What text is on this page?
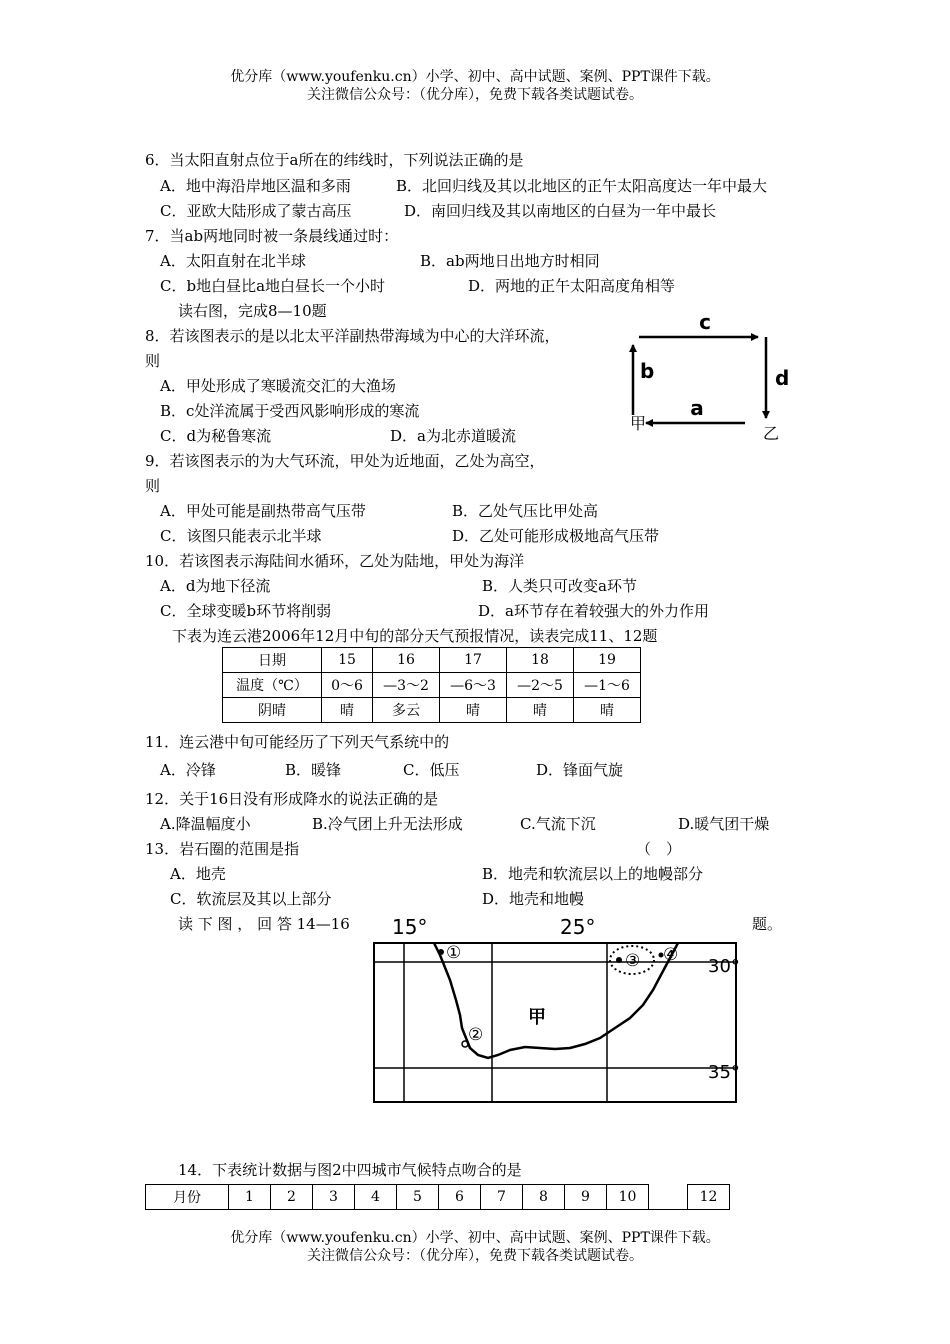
优分库（www.youfenku.cn）小学、初中、高中试题、案例、PPT课件下载。
关注微信公众号：（优分库），免费下载各类试题试卷。
6．当太阳直射点位于a所在的纬线时，下列说法正确的是
A．地中海沿岸地区温和多雨	B．北回归线及其以北地区的正午太阳高度达一年中最大
C．亚欧大陆形成了蒙古高压	D．南回归线及其以南地区的白昼为一年中最长
7．当ab两地同时被一条晨线通过时：
A．太阳直射在北半球	B．ab两地日出地方时相同
C．b地白昼比a地白昼长一个小时	D．两地的正午太阳高度角相等
读右图，完成8—10题
8．若该图表示的是以北太平洋副热带海域为中心的大洋环流，
则
A．甲处形成了寒暖流交汇的大渔场
B．c处洋流属于受西风影响形成的寒流
C．d为秘鲁寒流	D．a为北赤道暖流
c
b	d
a
甲
乙
9．若该图表示的为大气环流，甲处为近地面，乙处为高空，
则
A．甲处可能是副热带高气压带	B．乙处气压比甲处高
C．该图只能表示北半球	D．乙处可能形成极地高气压带
10．若该图表示海陆间水循环，乙处为陆地，甲处为海洋
A．d为地下径流	B．人类只可改变a环节
C．全球变暖b环节将削弱	D．a环节存在着较强大的外力作用
下表为连云港2006年12月中旬的部分天气预报情况，读表完成11、12题
日期	15	16	17	18	19
温度（℃）	0～6	—3～2	—6～3	—2～5	—1～6
阴晴	晴	多云	晴	晴	晴
11．连云港中旬可能经历了下列天气系统中的
A．冷锋	B．暖锋	C．低压	D．锋面气旋
12．关于16日没有形成降水的说法正确的是
A.降温幅度小	B.冷气团上升无法形成	C.气流下沉	D.暖气团干燥
13．岩石圈的范围是指	（　）
A．地壳	B．地壳和软流层以上的地幔部分
C．软流层及其以上部分	D．地壳和地幔
读 下 图 ， 回 答 14—16	题。
15°	25°
30°
35°
甲
①
②
③ ④
14．下表统计数据与图2中四城市气候特点吻合的是
月份	1	2	3	4	5	6	7	8	9	10		12
优分库（www.youfenku.cn）小学、初中、高中试题、案例、PPT课件下载。
关注微信公众号：（优分库），免费下载各类试题试卷。
